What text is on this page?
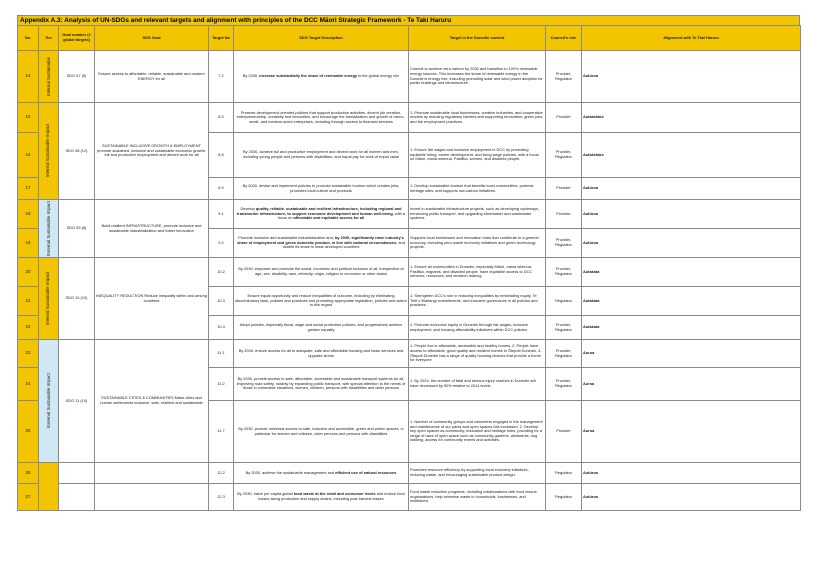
Appendix A.3: Analysis of UN-SDGs and relevant targets and alignment with principles of the DCC Māori Strategic Framework - Te Taki Haruru
No.	Tier	Goal number (# global targets)	SDG Goal	Target No	SDG Target Description	Target in the Dunedin context	Council's role	Alignment with Te Taki Haruru
14		SDG 07 (5)	Ensure access to affordable, reliable, sustainable and modern ENERGY for all	7.2	By 2030, increase substantially the share of renewable energy in the global energy mix	Commit to achieve zero carbon by 2030 and transition to 100% renewable energy sources. This increases the share of renewable energy in the Dunedin's energy mix, including promoting solar and wind power adoption for public buildings and infrastructure.	Provider, Regulator	Autūroa
15		SDG 08 (12)	SUSTAINABLE INCLUSIVE GROWTH & EMPLOYMENT promote sustained, inclusive and sustainable economic growth, full and productive employment and decent work for all	8.3	Promote development-oriented policies that support productive activities, decent job creation, entrepreneurship, creativity and innovation, and encourage the formalization and growth of micro-, small- and medium-sized enterprises, including through access to financial services	1. Promote sustainable local businesses, creative industries, and cooperative models by reducing regulatory barriers and supporting innovation, green jobs, and fair employment practices.	Provider	Autaketake
16				8.5	By 2030, achieve full and productive employment and decent work for all women and men, including young people and persons with disabilities, and equal pay for work of equal value	1. Ensure fair wages and inclusive employment in DCC by promoting equitable hiring, career development, and living wage policies, with a focus on Māori, mana whenua, Pasifika, women, and disabled people.	Provider, Regulator	Autaketake
17				8.9	By 2030, devise and implement policies to promote sustainable tourism which creates jobs, promotes local culture and products	1. Develop sustainable tourism that benefits local communities, protects heritage sites, and supports low-carbon initiatives.	Provider	Autūroa
18		SDG 09 (8)	Build resilient INFRASTRUCTURE, promote inclusive and sustainable industrialization and foster innovation	9.1	Develop quality, reliable, sustainable and resilient infrastructure, including regional and transborder infrastructure, to support economic development and human well-being, with a focus on affordable and equitable access for all	Invest in sustainable infrastructure projects, such as developing cycleways, enhancing public transport, and upgrading stormwater and wastewater systems.	Provider	Autūroa
19				9.2	Promote inclusive and sustainable industrialization and, by 2030, significantly raise industry's share of employment and gross domestic product, in line with national circumstances, and double its share in least developed countries	Supports local businesses and innovation hubs that contribute to a greener economy, including zero-waste economy initiatives and green technology projects.	Provider, Regulator	Autūroa
20		SDG 10 (10)	INEQUALITY REDUCTION Reduce inequality within and among countries	10.2	By 2030, empower and promote the social, economic and political inclusion of all, irrespective of age, sex, disability, race, ethnicity, origin, religion or economic or other status	1. Ensure all communities in Dunedin, especially Māori, mana whenua, Pasifika, migrants, and disabled people, have equitable access to DCC services, resources, and decision-making.	Provider, Regulator	Autakata
21				10.3	Ensure equal opportunity and reduce inequalities of outcome, including by eliminating discriminatory laws, policies and practices and promoting appropriate legislation, policies and action in this regard	1. Strengthen DCC's role in reducing inequalities by embedding equity, Te Tiriti o Waitangi commitments, and inclusive governance in all policies and practices.	Regulator	Autakata
22				10.4	Adopt policies, especially fiscal, wage and social protection policies, and progressively achieve greater equality	1. Promote economic equity in Dunedin through fair wages, inclusive employment, and housing affordability initiatives within DCC policies	Provider, Regulator	Autakata
23		SDG 11 (10)	SUSTAINABLE CITIES & COMMUNITIES Make cities and human settlements inclusive, safe, resilient and sustainable	11.1	By 2030, ensure access for all to adequate, safe and affordable housing and basic services and upgrade slums	1. People live in affordable, accessible and healthy homes, 2. People have access to affordable, good quality and resilient homes in Ōtepoti Dunedin, 3. Ōtepoti Dunedin has a range of quality housing choices that provide a home for everyone	Provider, Regulator	Auroa
24				11.2	By 2030, provide access to safe, affordable, accessible and sustainable transport systems for all, improving road safety, notably by expanding public transport, with special attention to the needs of those in vulnerable situations, women, children, persons with disabilities and older persons	1. By 2024, the number of fatal and serious injury crashes in Dunedin will have decreased by 50% relative to 2014 levels.	Provider, Regulator	Auroa
25				11.7	By 2030, provide universal access to safe, inclusive and accessible, green and public spaces, in particular for women and children, older persons and persons with disabilities	1. Number of community groups and volunteers engaged in the management and maintenance of our parks and open spaces has increased, 2. Develop key open spaces as community, education and heritage hubs, providing for a range of uses of open space such as community gardens, allotments, dog walking, access for community events and activities,	Provider	Auroa
26				12.2	By 2030, achieve the sustainable management and efficient use of natural resources	Promotes resource efficiency by supporting local economy initiatives, reducing waste, and encouraging sustainable product design.	Regulator	Autūroa
27				12.3	By 2030, halve per capita global food waste at the retail and consumer levels and reduce food losses along production and supply chains, including post-harvest losses	Food waste reduction programs, including collaborations with food rescue organisations, help minimise waste in households, businesses, and institutions	Regulator	Autūroa
Internal Sustainable
Internal Sustainable Impact
External Sustainable Impact
Internal Sustainable Impact
External Sustainable Impact
